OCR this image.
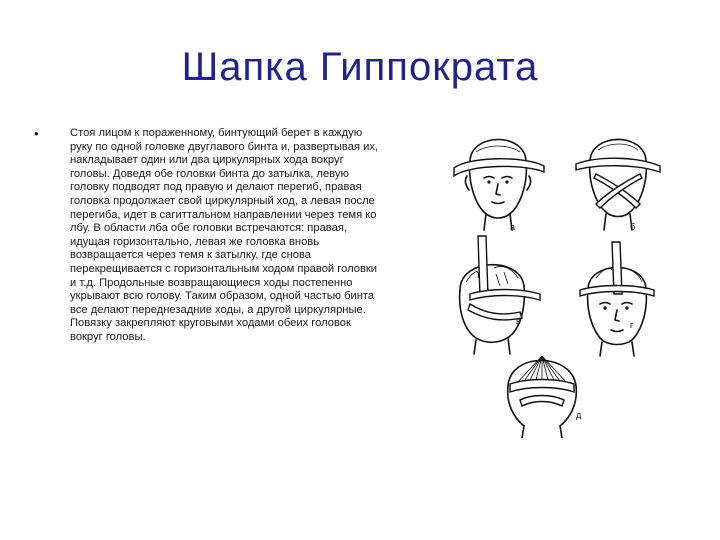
Шапка Гиппократа
•	Стоя лицом к пораженному, бинтующий берет в каждую руку по одной головке двуглавого бинта и, развертывая их, накладывает один или два циркулярных хода вокруг головы. Доведя обе головки бинта до затылка, левую головку подводят под правую и делают перегиб, правая головка продолжает свой циркулярный ход, а левая после перегиба, идет в сагиттальном направлении через темя ко лбу. В области лба обе головки встречаются: правая, идущая горизонтально, левая же головка вновь возвращается через темя к затылку, где снова перекрещивается с горизонтальным ходом правой головки и т.д. Продольные возвращающиеся ходы постепенно укрывают всю голову. Таким образом, одной частью бинта все делают переднезадние ходы, а другой циркулярные. Повязку закрепляют круговыми ходами обеих головок вокруг головы.
а	б
в	г
д
